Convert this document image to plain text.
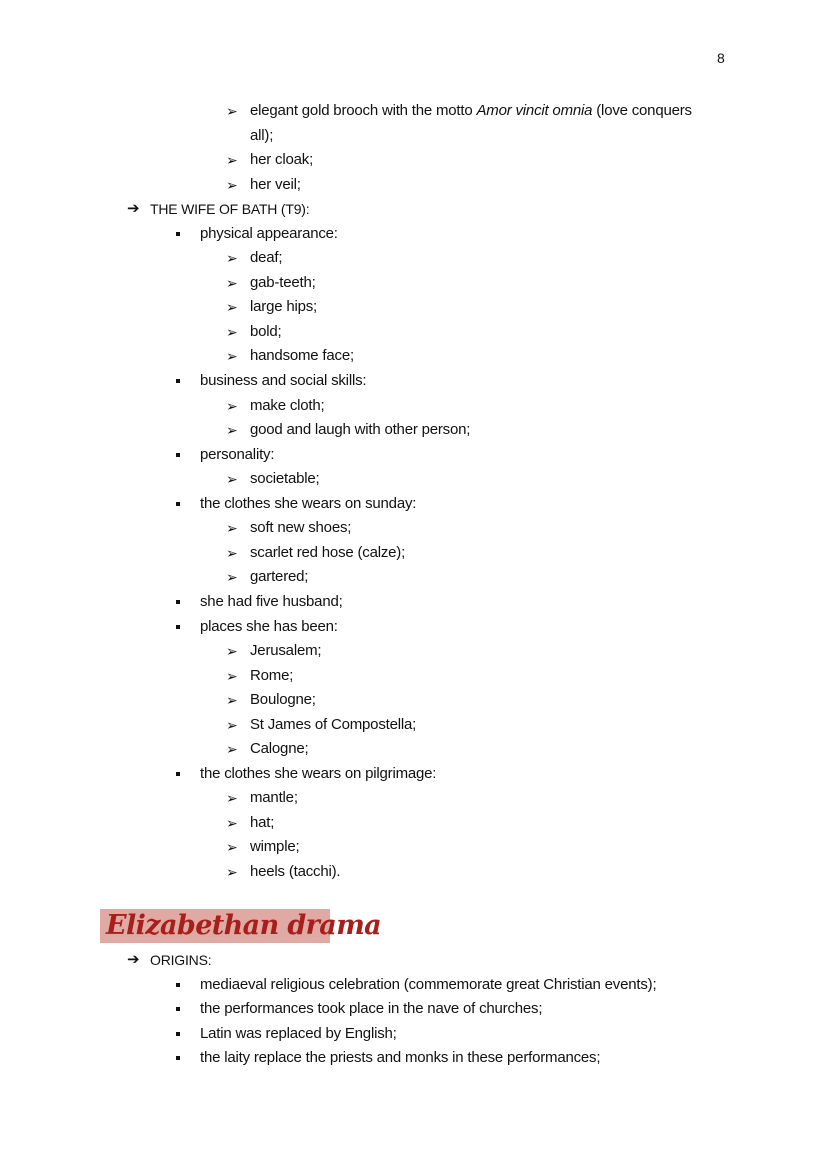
8
➢ elegant gold brooch with the motto Amor vincit omnia (love conquers
all);
➢ her cloak;
➢ her veil;
➔ THE WIFE OF BATH (T9):
physical appearance:
➢ deaf;
➢ gab-teeth;
➢ large hips;
➢ bold;
➢ handsome face;
business and social skills:
➢ make cloth;
➢ good and laugh with other person;
personality:
➢ societable;
the clothes she wears on sunday:
➢ soft new shoes;
➢ scarlet red hose (calze);
➢ gartered;
she had five husband;
places she has been:
➢ Jerusalem;
➢ Rome;
➢ Boulogne;
➢ St James of Compostella;
➢ Calogne;
the clothes she wears on pilgrimage:
➢ mantle;
➢ hat;
➢ wimple;
➢ heels (tacchi).
Elizabethan drama
➔ ORIGINS:
mediaeval religious celebration (commemorate great Christian events);
the performances took place in the nave of churches;
Latin was replaced by English;
the laity replace the priests and monks in these performances;
